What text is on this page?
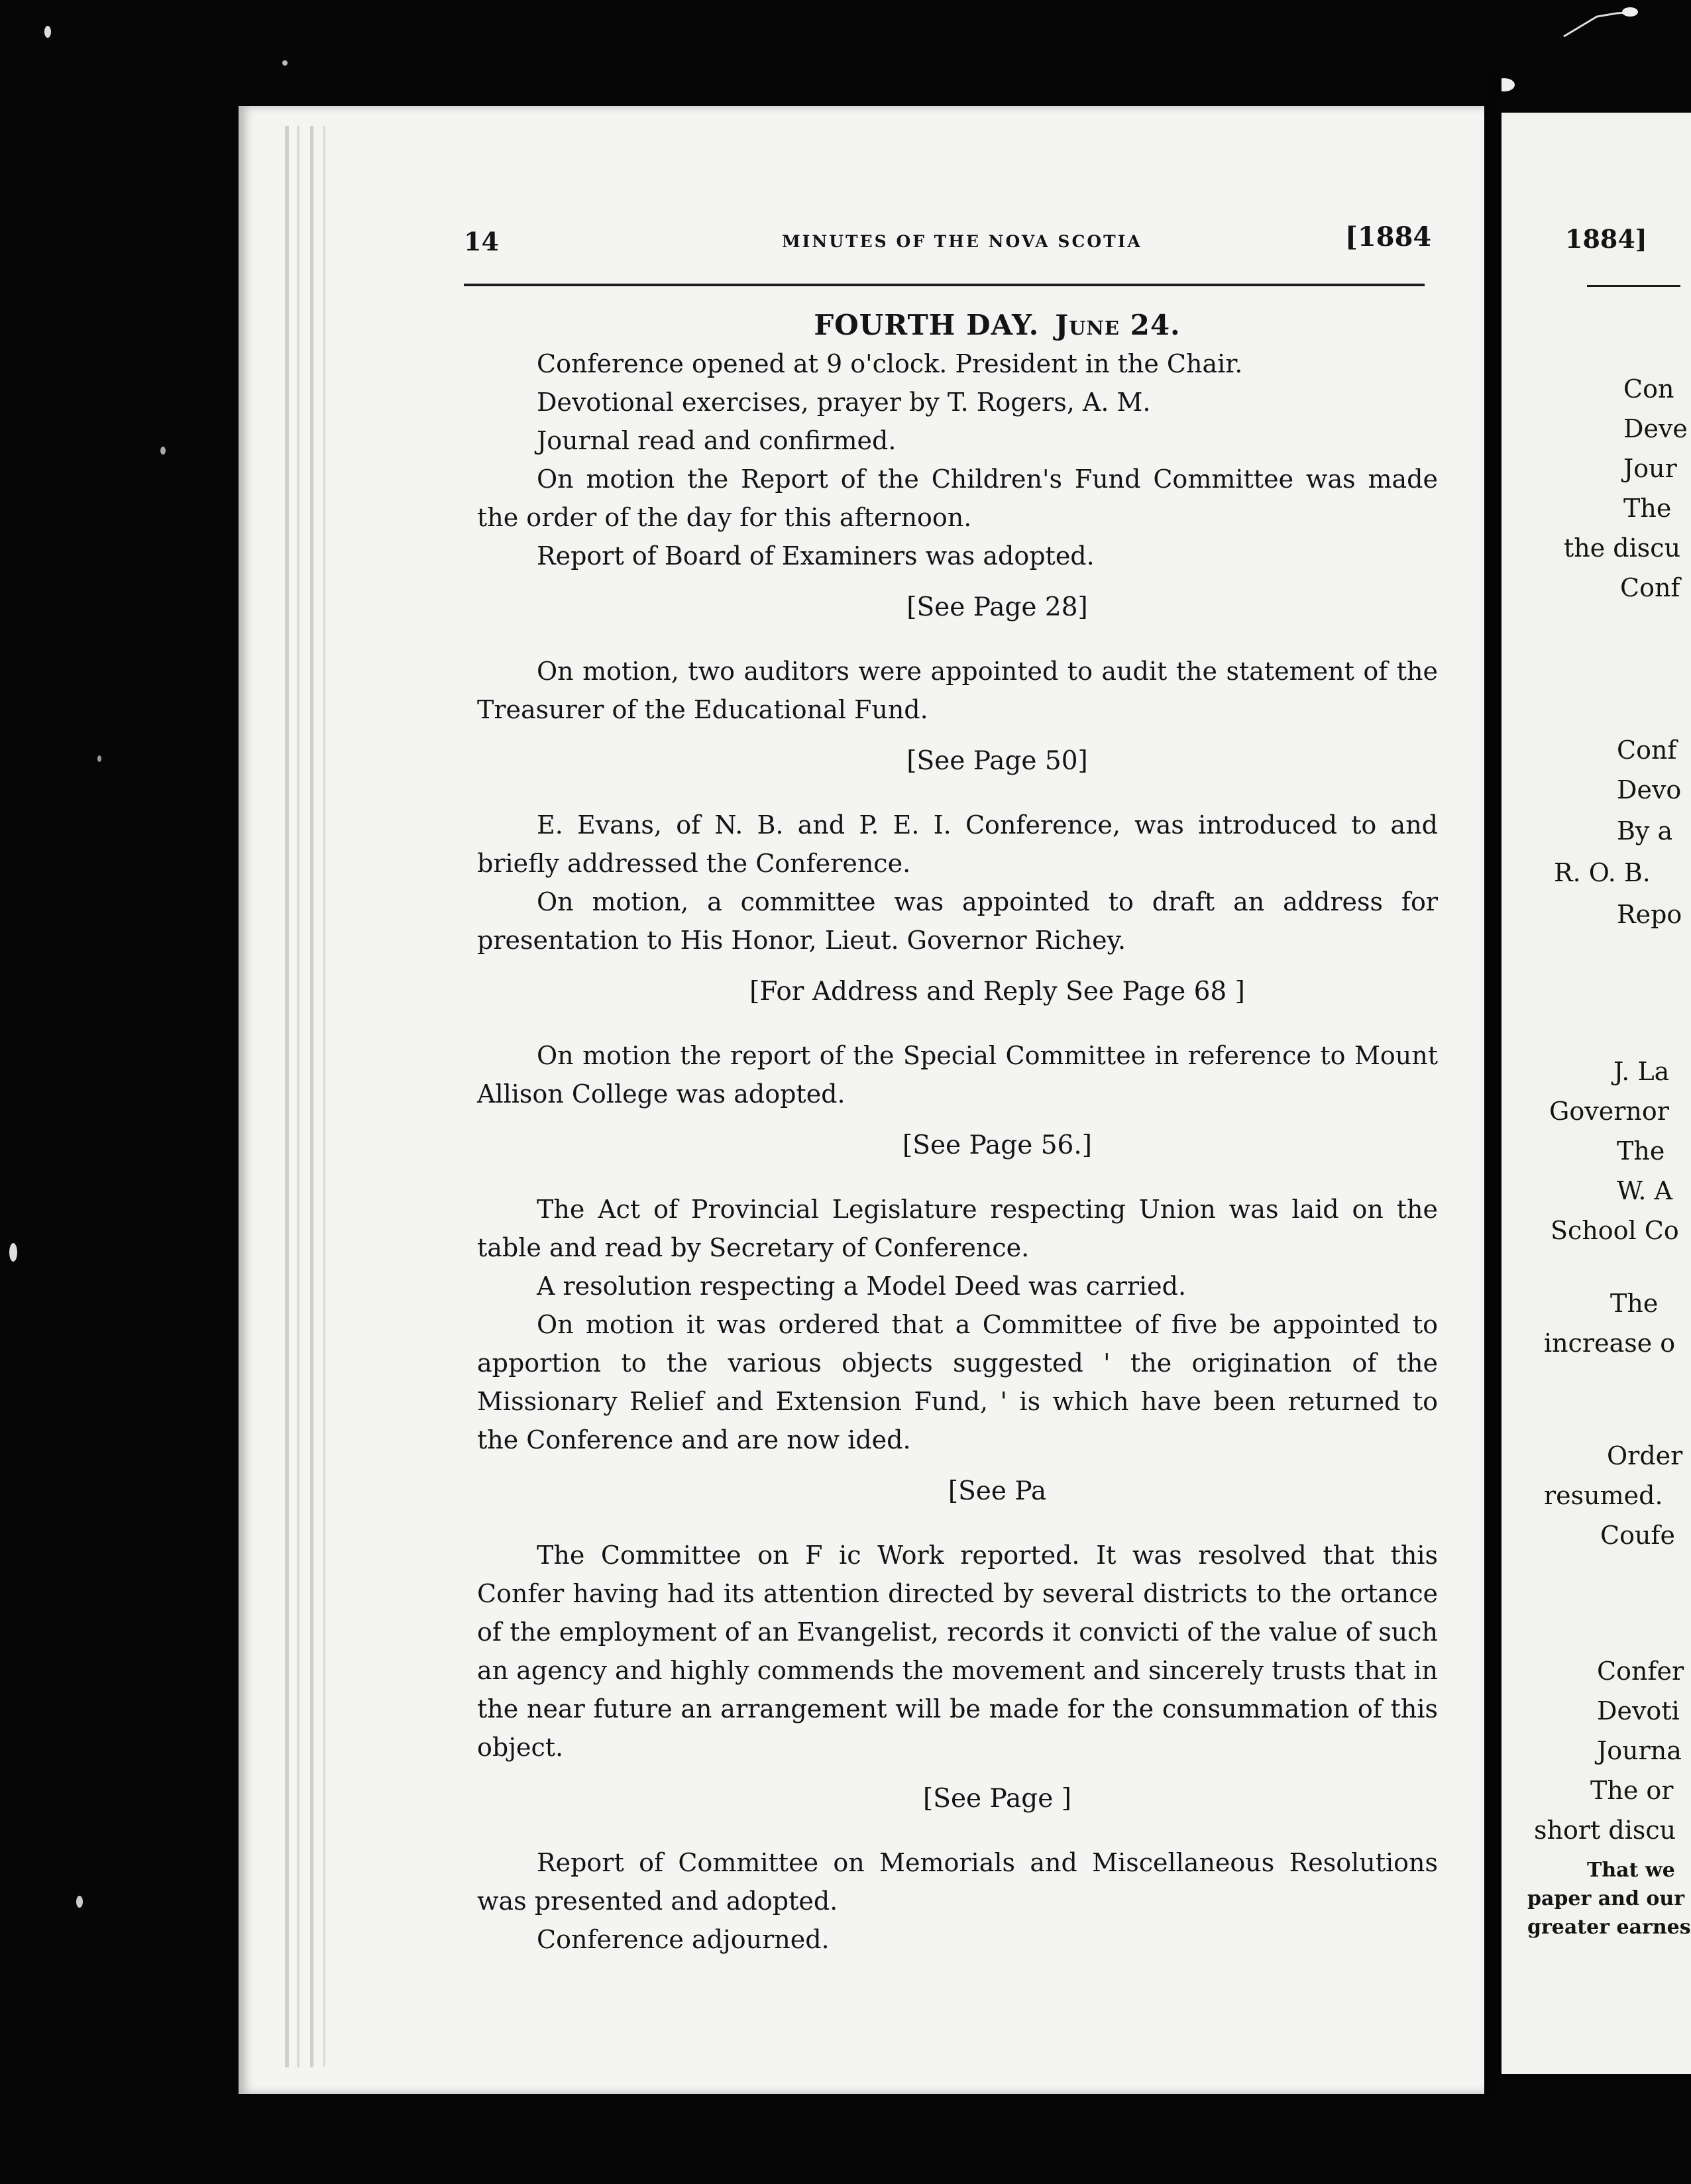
14	MINUTES OF THE NOVA SCOTIA	[1884
FOURTH DAY. June 24.
Conference opened at 9 o'clock. President in the Chair.
Devotional exercises, prayer by T. Rogers, A. M.
Journal read and confirmed.
On motion the Report of the Children's Fund Committee was made the order of the day for this afternoon.
Report of Board of Examiners was adopted.
[See Page 28]
On motion, two auditors were appointed to audit the statement of the Treasurer of the Educational Fund.
[See Page 50]
E. Evans, of N. B. and P. E. I. Conference, was introduced to and briefly addressed the Conference.
On motion, a committee was appointed to draft an address for presentation to His Honor, Lieut. Governor Richey.
[For Address and Reply See Page 68 ]
On motion the report of the Special Committee in reference to Mount Allison College was adopted.
[See Page 56.]
The Act of Provincial Legislature respecting Union was laid on the table and read by Secretary of Conference.
A resolution respecting a Model Deed was carried.
On motion it was ordered that a Committee of five be appointed to apportion to the various objects suggested ' the origination of the Missionary Relief and Extension Fund, ' is which have been returned to the Conference and are now ided.
[See Pa
The Committee on F ic Work reported. It was resolved that this Confer having had its attention directed by several districts to the ortance of the employment of an Evangelist, records it convicti of the value of such an agency and highly commends the movement and sincerely trusts that in the near future an arrangement will be made for the consummation of this object.
[See Page ]
Report of Committee on Memorials and Miscellaneous Resolutions was presented and adopted.
Conference adjourned.
1884]
Con
Deve
Jour
The
the discu
Conf
Conf
Devo
By a
R. O. B.
Repo
J. La
Governor
The
W. A
School Co
The
increase o
Order
resumed.
Coufe
Confer
Devoti
Journa
The or
short discu
That we
paper and our
greater earnes
